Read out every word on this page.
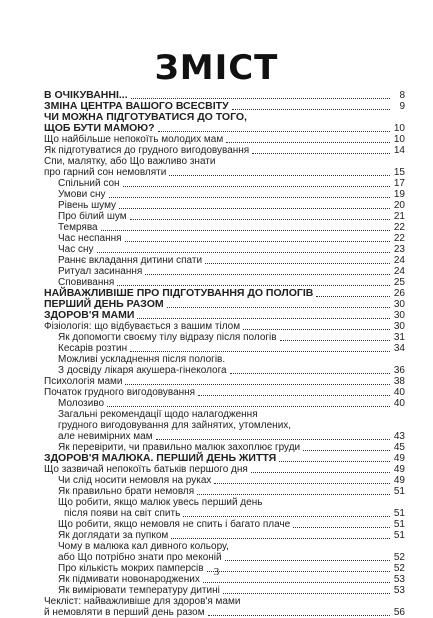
ЗМІСТ
В ОЧІКУВАННІ...	8
ЗМІНА ЦЕНТРА ВАШОГО ВСЕСВІТУ	9
ЧИ МОЖНА ПІДГОТУВАТИСЯ ДО ТОГО,
ЩОБ БУТИ МАМОЮ?	10
Що найбільше непокоїть молодих мам	10
Як підготуватися до грудного вигодовування	14
Спи, малятку, або Що важливо знати
про гарний сон немовляти	15
Спільний сон	17
Умови сну	19
Рівень шуму	20
Про білий шум	21
Темрява	22
Час неспання	22
Час сну	23
Раннє вкладання дитини спати	24
Ритуал засинання	24
Сповивання	25
НАЙВАЖЛИВІШЕ ПРО ПІДГОТУВАННЯ ДО ПОЛОГІВ	26
ПЕРШИЙ ДЕНЬ РАЗОМ	30
ЗДОРОВ'Я МАМИ	30
Фізіологія: що відбувається з вашим тілом	30
Як допомогти своєму тілу відразу після пологів	31
Кесарів розтин	34
Можливі ускладнення після пологів.
З досвіду лікаря акушера-гінеколога	36
Психологія мами	38
Початок грудного вигодовування	40
Молозиво	40
Загальні рекомендації щодо налагодження
грудного вигодовування для зайнятих, утомлених,
але невимірних мам	43
Як перевірити, чи правильно малюк захоплює груди	45
ЗДОРОВ'Я МАЛЮКА. ПЕРШИЙ ДЕНЬ ЖИТТЯ	49
Що зазвичай непокоїть батьків першого дня	49
Чи слід носити немовля на руках	49
Як правильно брати немовля	51
Що робити, якщо малюк увесь перший день
після появи на світ спить	51
Що робити, якщо немовля не спить і багато плаче	51
Як доглядати за пупком	51
Чому в малюка кал дивного кольору,
або Що потрібно знати про меконій	52
Про кількість мокрих памперсів	52
Як підмивати новонароджених	53
Як вимірювати температуру дитині	53
Чекліст: найважливіше для здоров'я мами
й немовляти в перший день разом	56
3
